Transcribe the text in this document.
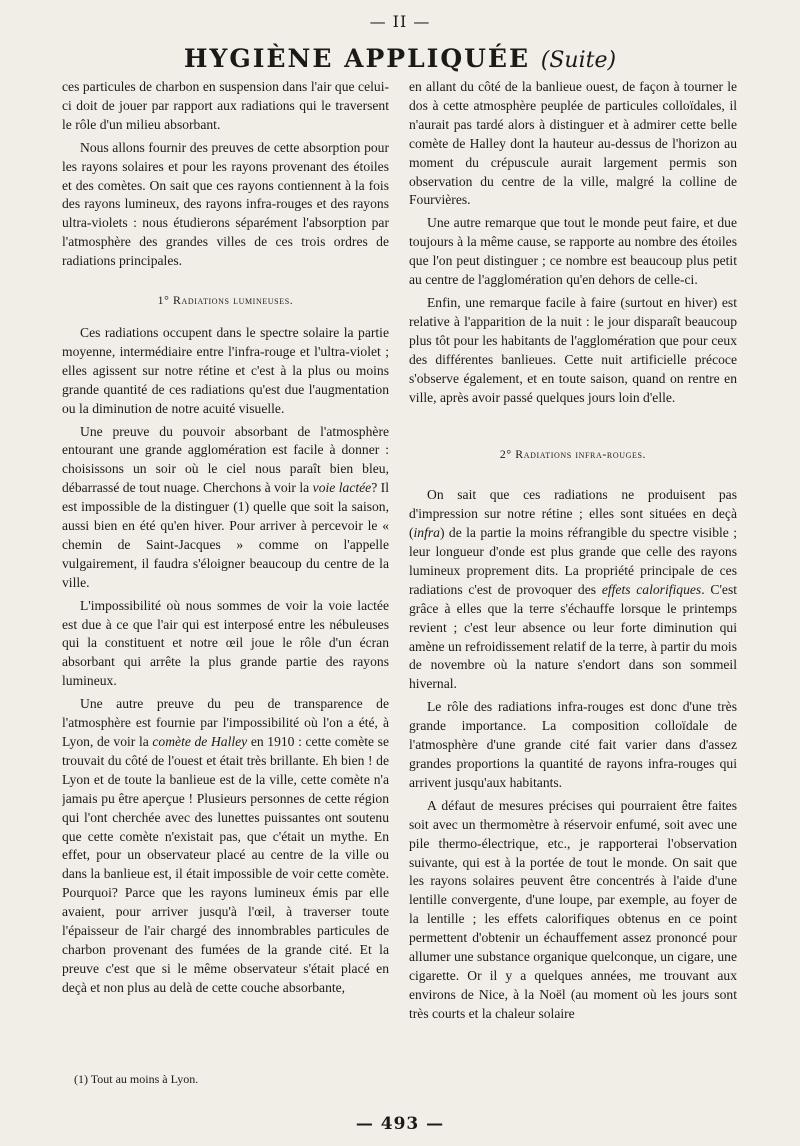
— II —
HYGIÈNE APPLIQUÉE (Suite)

ces particules de charbon en suspension dans l'air que celui-ci doit de jouer par rapport aux radiations qui le traversent le rôle d'un milieu absorbant.

Nous allons fournir des preuves de cette absorption pour les rayons solaires et pour les rayons provenant des étoiles et des comètes. On sait que ces rayons contiennent à la fois des rayons lumineux, des rayons infra-rouges et des rayons ultra-violets : nous étudierons séparément l'absorption par l'atmosphère des grandes villes de ces trois ordres de radiations principales.

1° Radiations lumineuses.

Ces radiations occupent dans le spectre solaire la partie moyenne, intermédiaire entre l'infra-rouge et l'ultra-violet ; elles agissent sur notre rétine et c'est à la plus ou moins grande quantité de ces radiations qu'est due l'augmentation ou la diminution de notre acuité visuelle.

Une preuve du pouvoir absorbant de l'atmosphère entourant une grande agglomération est facile à donner : choisissons un soir où le ciel nous paraît bien bleu, débarrassé de tout nuage. Cherchons à voir la voie lactée? Il est impossible de la distinguer (1) quelle que soit la saison, aussi bien en été qu'en hiver. Pour arriver à percevoir le « chemin de Saint-Jacques » comme on l'appelle vulgairement, il faudra s'éloigner beaucoup du centre de la ville.

L'impossibilité où nous sommes de voir la voie lactée est due à ce que l'air qui est interposé entre les nébuleuses qui la constituent et notre œil joue le rôle d'un écran absorbant qui arrête la plus grande partie des rayons lumineux.

Une autre preuve du peu de transparence de l'atmosphère est fournie par l'impossibilité où l'on a été, à Lyon, de voir la comète de Halley en 1910 : cette comète se trouvait du côté de l'ouest et était très brillante. Eh bien ! de Lyon et de toute la banlieue est de la ville, cette comète n'a jamais pu être aperçue ! Plusieurs personnes de cette région qui l'ont cherchée avec des lunettes puissantes ont soutenu que cette comète n'existait pas, que c'était un mythe. En effet, pour un observateur placé au centre de la ville ou dans la banlieue est, il était impossible de voir cette comète. Pourquoi? Parce que les rayons lumineux émis par elle avaient, pour arriver jusqu'à l'œil, à traverser toute l'épaisseur de l'air chargé des innombrables particules de charbon provenant des fumées de la grande cité. Et la preuve c'est que si le même observateur s'était placé en deçà et non plus au delà de cette couche absorbante,

en allant du côté de la banlieue ouest, de façon à tourner le dos à cette atmosphère peuplée de particules colloïdales, il n'aurait pas tardé alors à distinguer et à admirer cette belle comète de Halley dont la hauteur au-dessus de l'horizon au moment du crépuscule aurait largement permis son observation du centre de la ville, malgré la colline de Fourvières.

Une autre remarque que tout le monde peut faire, et due toujours à la même cause, se rapporte au nombre des étoiles que l'on peut distinguer ; ce nombre est beaucoup plus petit au centre de l'agglomération qu'en dehors de celle-ci.

Enfin, une remarque facile à faire (surtout en hiver) est relative à l'apparition de la nuit : le jour disparaît beaucoup plus tôt pour les habitants de l'agglomération que pour ceux des différentes banlieues. Cette nuit artificielle précoce s'observe également, et en toute saison, quand on rentre en ville, après avoir passé quelques jours loin d'elle.

2° Radiations infra-rouges.

On sait que ces radiations ne produisent pas d'impression sur notre rétine ; elles sont situées en deçà (infra) de la partie la moins réfrangible du spectre visible ; leur longueur d'onde est plus grande que celle des rayons lumineux proprement dits. La propriété principale de ces radiations c'est de provoquer des effets calorifiques. C'est grâce à elles que la terre s'échauffe lorsque le printemps revient ; c'est leur absence ou leur forte diminution qui amène un refroidissement relatif de la terre, à partir du mois de novembre où la nature s'endort dans son sommeil hivernal.

Le rôle des radiations infra-rouges est donc d'une très grande importance. La composition colloïdale de l'atmosphère d'une grande cité fait varier dans d'assez grandes proportions la quantité de rayons infra-rouges qui arrivent jusqu'aux habitants.

A défaut de mesures précises qui pourraient être faites soit avec un thermomètre à réservoir enfumé, soit avec une pile thermo-électrique, etc., je rapporterai l'observation suivante, qui est à la portée de tout le monde. On sait que les rayons solaires peuvent être concentrés à l'aide d'une lentille convergente, d'une loupe, par exemple, au foyer de la lentille ; les effets calorifiques obtenus en ce point permettent d'obtenir un échauffement assez prononcé pour allumer une substance organique quelconque, un cigare, une cigarette. Or il y a quelques années, me trouvant aux environs de Nice, à la Noël (au moment où les jours sont très courts et la chaleur solaire

(1) Tout au moins à Lyon.
— 493 —
